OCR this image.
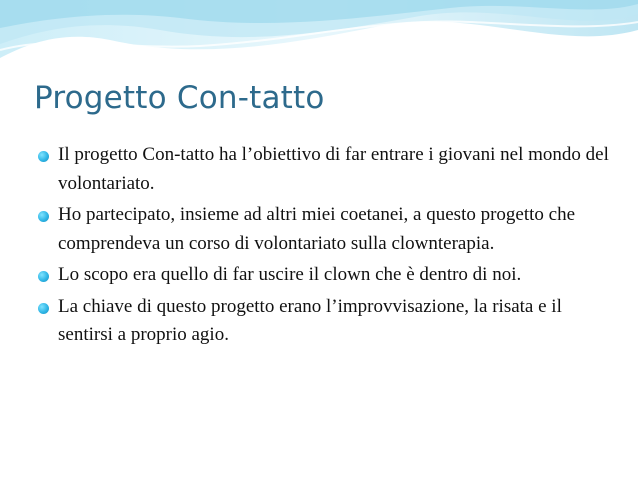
Progetto Con-tatto
Il progetto Con-tatto ha l’obiettivo di far entrare i giovani nel mondo del volontariato.
Ho partecipato, insieme ad altri miei coetanei, a questo progetto che comprendeva un corso di volontariato sulla clownterapia.
Lo scopo era quello di far uscire il clown che è dentro di noi.
La chiave di questo progetto erano l’improvvisazione, la risata e il sentirsi a proprio agio.
